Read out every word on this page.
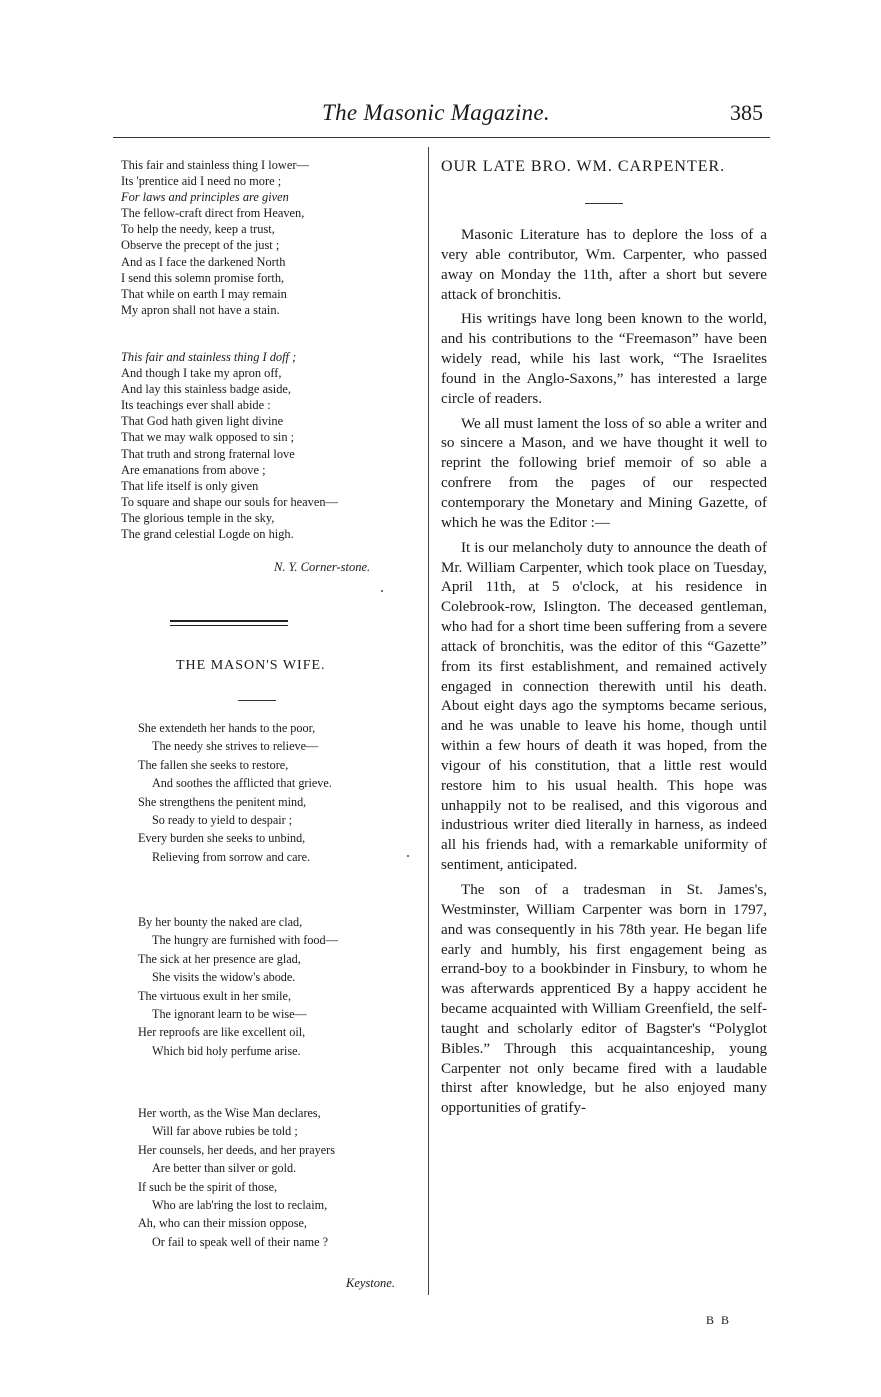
The Masonic Magazine.	385
This fair and stainless thing I lower—
Its 'prentice aid I need no more ;
For laws and principles are given
The fellow-craft direct from Heaven,
To help the needy, keep a trust,
Observe the precept of the just ;
And as I face the darkened North
I send this solemn promise forth,
That while on earth I may remain
My apron shall not have a stain.
This fair and stainless thing I doff ;
And though I take my apron off,
And lay this stainless badge aside,
Its teachings ever shall abide :
That God hath given light divine
That we may walk opposed to sin ;
That truth and strong fraternal love
Are emanations from above ;
That life itself is only given
To square and shape our souls for heaven—
The glorious temple in the sky,
The grand celestial Logde on high.
N. Y. Corner-stone.
THE MASON'S WIFE.
She extendeth her hands to the poor,
The needy she strives to relieve—
The fallen she seeks to restore,
And soothes the afflicted that grieve.
She strengthens the penitent mind,
So ready to yield to despair ;
Every burden she seeks to unbind,
Relieving from sorrow and care.
By her bounty the naked are clad,
The hungry are furnished with food—
The sick at her presence are glad,
She visits the widow's abode.
The virtuous exult in her smile,
The ignorant learn to be wise—
Her reproofs are like excellent oil,
Which bid holy perfume arise.
Her worth, as the Wise Man declares,
Will far above rubies be told ;
Her counsels, her deeds, and her prayers
Are better than silver or gold.
If such be the spirit of those,
Who are lab'ring the lost to reclaim,
Ah, who can their mission oppose,
Or fail to speak well of their name ?
Keystone.
OUR LATE BRO. WM. CARPENTER.

Masonic Literature has to deplore the loss of a very able contributor, Wm. Carpenter, who passed away on Monday the 11th, after a short but severe attack of bronchitis.

His writings have long been known to the world, and his contributions to the “Freemason” have been widely read, while his last work, “The Israelites found in the Anglo-Saxons,” has interested a large circle of readers.

We all must lament the loss of so able a writer and so sincere a Mason, and we have thought it well to reprint the following brief memoir of so able a confrere from the pages of our respected contemporary the Monetary and Mining Gazette, of which he was the Editor :—

It is our melancholy duty to announce the death of Mr. William Carpenter, which took place on Tuesday, April 11th, at 5 o'clock, at his residence in Colebrook-row, Islington. The deceased gentleman, who had for a short time been suffering from a severe attack of bronchitis, was the editor of this “Gazette” from its first establishment, and remained actively engaged in connection therewith until his death. About eight days ago the symptoms became serious, and he was unable to leave his home, though until within a few hours of death it was hoped, from the vigour of his constitution, that a little rest would restore him to his usual health. This hope was unhappily not to be realised, and this vigorous and industrious writer died literally in harness, as indeed all his friends had, with a remarkable uniformity of sentiment, anticipated.

The son of a tradesman in St. James's, Westminster, William Carpenter was born in 1797, and was consequently in his 78th year. He began life early and humbly, his first engagement being as errand-boy to a bookbinder in Finsbury, to whom he was afterwards apprenticed By a happy accident he became acquainted with William Greenfield, the self-taught and scholarly editor of Bagster's “Polyglot Bibles.” Through this acquaintanceship, young Carpenter not only became fired with a laudable thirst after knowledge, but he also enjoyed many opportunities of gratify-

B B
